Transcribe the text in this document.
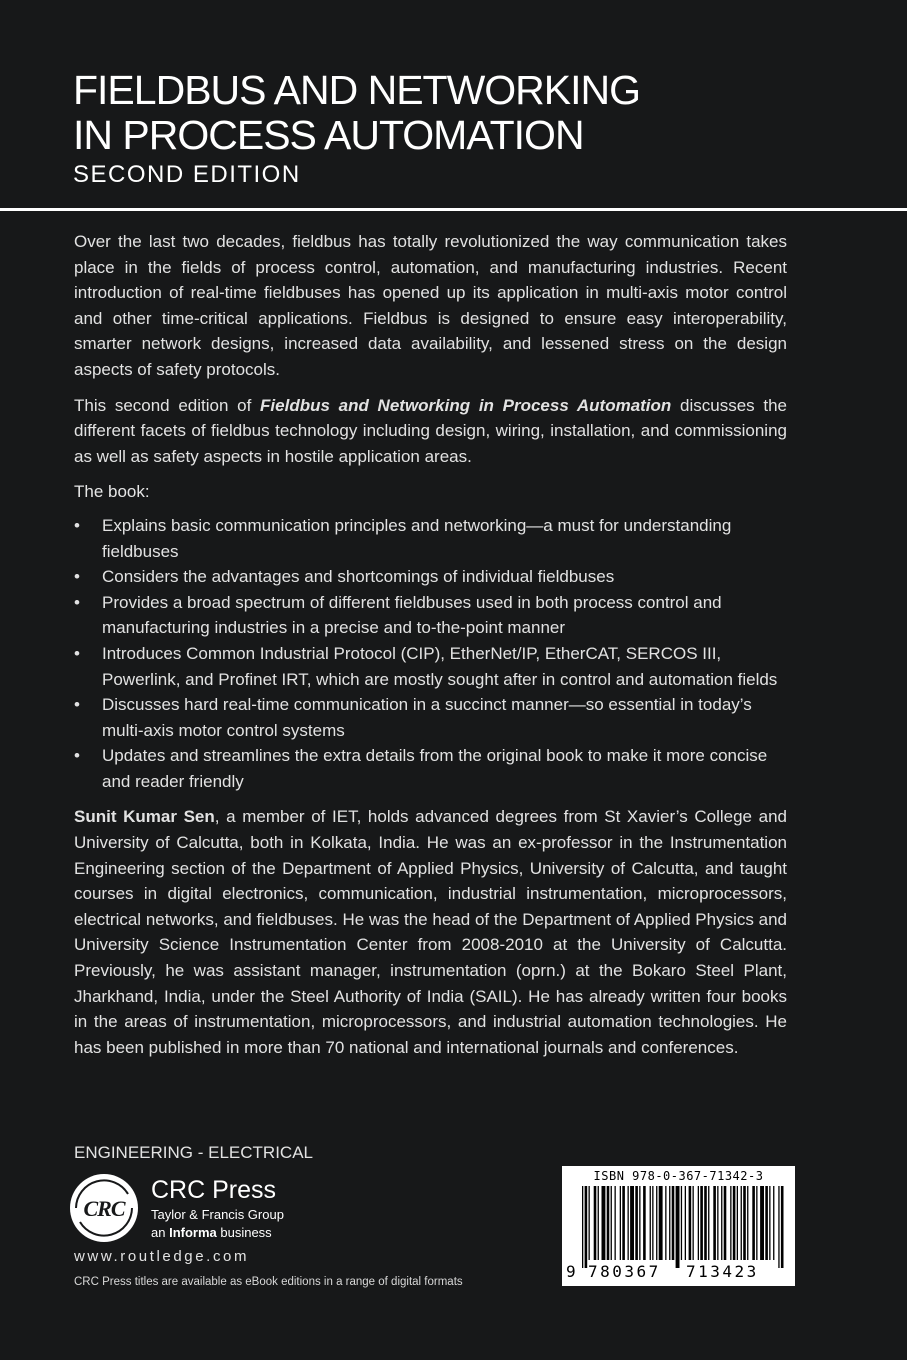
FIELDBUS AND NETWORKING
IN PROCESS AUTOMATION
SECOND EDITION

Over the last two decades, fieldbus has totally revolutionized the way communication takes place in the fields of process control, automation, and manufacturing industries. Recent introduction of real-time fieldbuses has opened up its application in multi-axis motor control and other time-critical applications. Fieldbus is designed to ensure easy interoperability, smarter network designs, increased data availability, and lessened stress on the design aspects of safety protocols.

This second edition of Fieldbus and Networking in Process Automation discusses the different facets of fieldbus technology including design, wiring, installation, and commissioning as well as safety aspects in hostile application areas.

The book:
• Explains basic communication principles and networking—a must for understanding fieldbuses
• Considers the advantages and shortcomings of individual fieldbuses
• Provides a broad spectrum of different fieldbuses used in both process control and manufacturing industries in a precise and to-the-point manner
• Introduces Common Industrial Protocol (CIP), EtherNet/IP, EtherCAT, SERCOS III, Powerlink, and Profinet IRT, which are mostly sought after in control and automation fields
• Discusses hard real-time communication in a succinct manner—so essential in today’s multi-axis motor control systems
• Updates and streamlines the extra details from the original book to make it more concise and reader friendly

Sunit Kumar Sen, a member of IET, holds advanced degrees from St Xavier’s College and University of Calcutta, both in Kolkata, India. He was an ex-professor in the Instrumentation Engineering section of the Department of Applied Physics, University of Calcutta, and taught courses in digital electronics, communication, industrial instrumentation, microprocessors, electrical networks, and fieldbuses. He was the head of the Department of Applied Physics and University Science Instrumentation Center from 2008-2010 at the University of Calcutta. Previously, he was assistant manager, instrumentation (oprn.) at the Bokaro Steel Plant, Jharkhand, India, under the Steel Authority of India (SAIL). He has already written four books in the areas of instrumentation, microprocessors, and industrial automation technologies. He has been published in more than 70 national and international journals and conferences.

ENGINEERING - ELECTRICAL
CRC
CRC Press
Taylor & Francis Group
an Informa business
www.routledge.com
CRC Press titles are available as eBook editions in a range of digital formats
ISBN 978-0-367-71342-3
9 780367 713423
